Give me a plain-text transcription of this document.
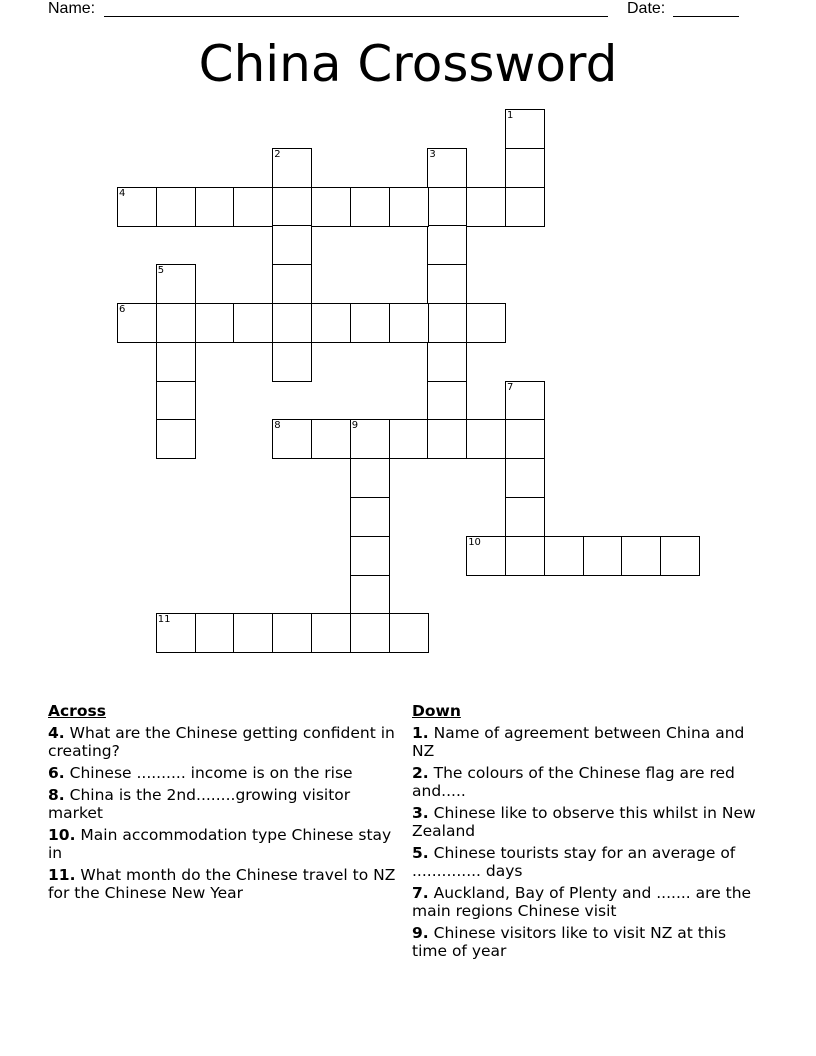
Name:	Date:
China Crossword
1
2	3
4
5
6
7
8	9
10
11
Across
4. What are the Chinese getting confident in creating?
6. Chinese .......... income is on the rise
8. China is the 2nd........growing visitor market
10. Main accommodation type Chinese stay in
11. What month do the Chinese travel to NZ for the Chinese New Year
Down
1. Name of agreement between China and NZ
2. The colours of the Chinese flag are red and.....
3. Chinese like to observe this whilst in New Zealand
5. Chinese tourists stay for an average of .............. days
7. Auckland, Bay of Plenty and ....... are the main regions Chinese visit
9. Chinese visitors like to visit NZ at this time of year
